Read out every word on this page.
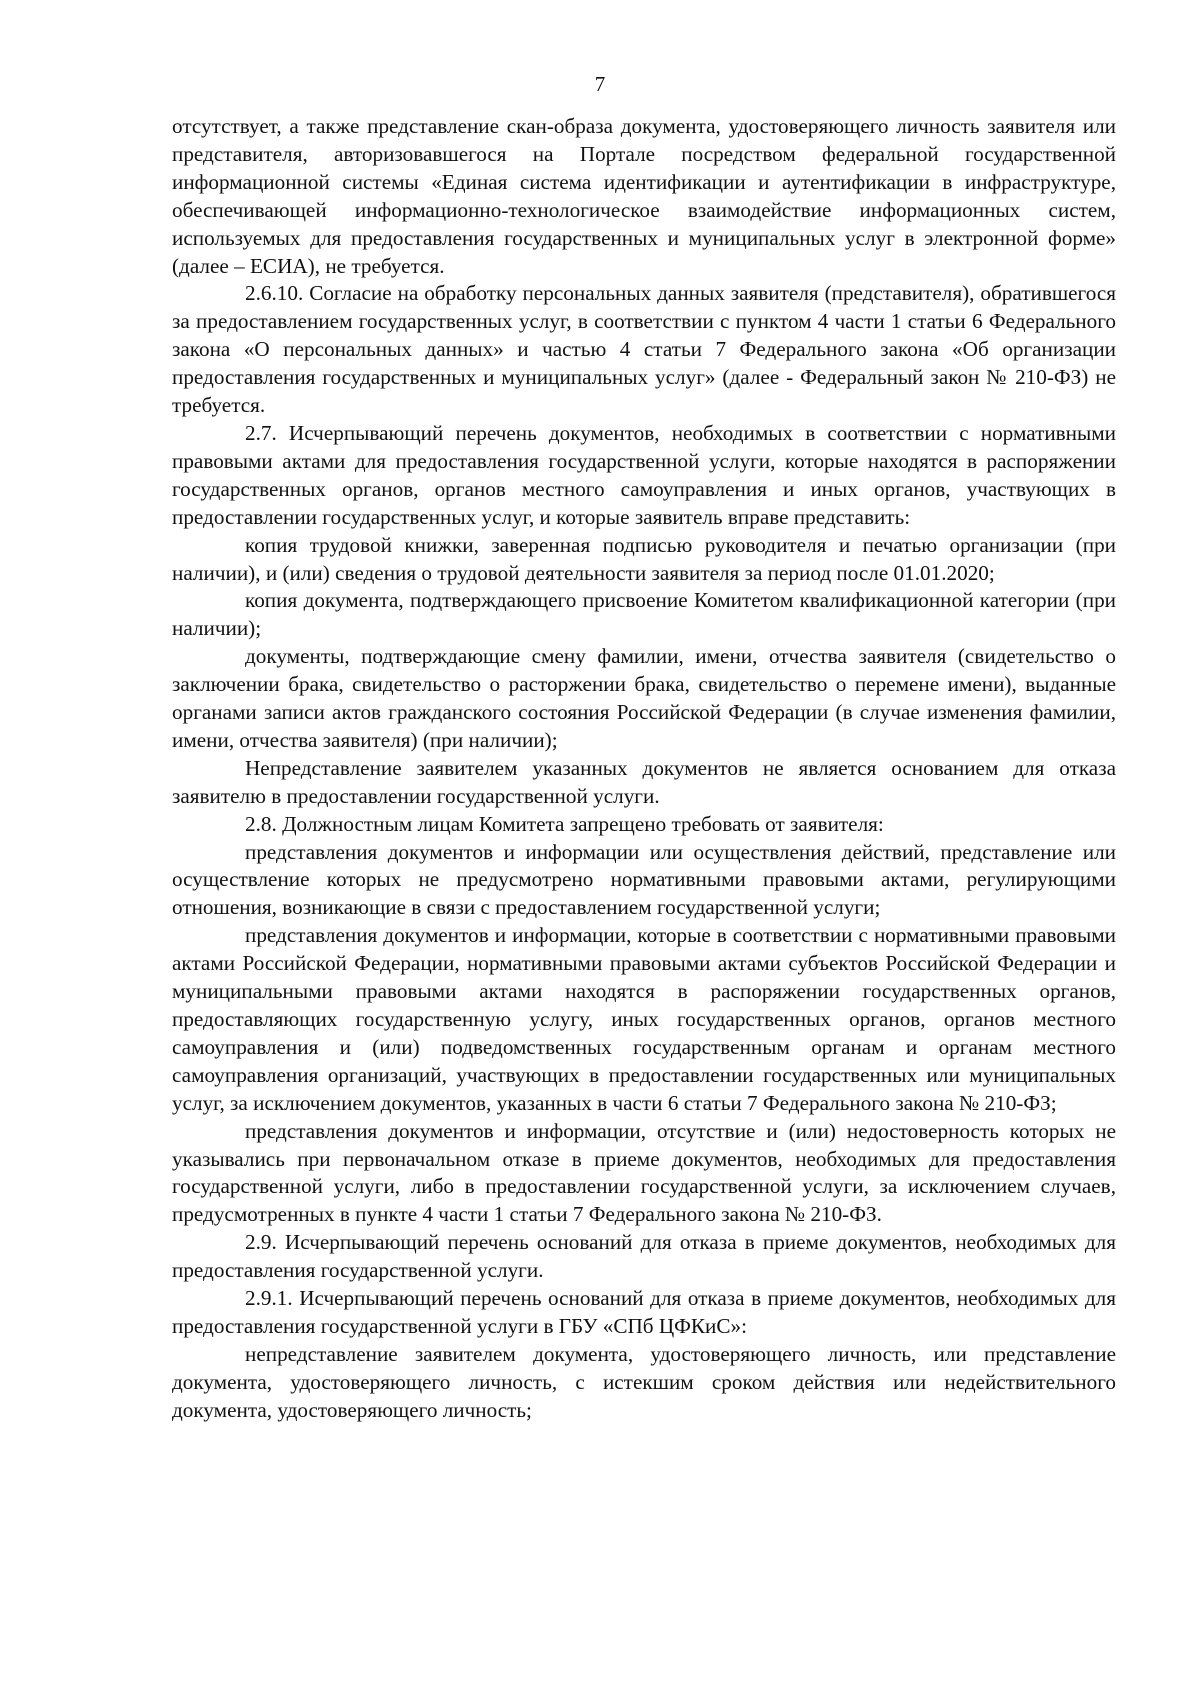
7

отсутствует, а также представление скан-образа документа, удостоверяющего личность заявителя или представителя, авторизовавшегося на Портале посредством федеральной государственной информационной системы «Единая система идентификации и аутентификации в инфраструктуре, обеспечивающей информационно-технологическое взаимодействие информационных систем, используемых для предоставления государственных и муниципальных услуг в электронной форме» (далее – ЕСИА), не требуется.

2.6.10. Согласие на обработку персональных данных заявителя (представителя), обратившегося за предоставлением государственных услуг, в соответствии с пунктом 4 части 1 статьи 6 Федерального закона «О персональных данных» и частью 4 статьи 7 Федерального закона «Об организации предоставления государственных и муниципальных услуг» (далее - Федеральный закон № 210-ФЗ) не требуется.

2.7. Исчерпывающий перечень документов, необходимых в соответствии с нормативными правовыми актами для предоставления государственной услуги, которые находятся в распоряжении государственных органов, органов местного самоуправления и иных органов, участвующих в предоставлении государственных услуг, и которые заявитель вправе представить:

копия трудовой книжки, заверенная подписью руководителя и печатью организации (при наличии), и (или) сведения о трудовой деятельности заявителя за период после 01.01.2020;

копия документа, подтверждающего присвоение Комитетом квалификационной категории (при наличии);

документы, подтверждающие смену фамилии, имени, отчества заявителя (свидетельство о заключении брака, свидетельство о расторжении брака, свидетельство о перемене имени), выданные органами записи актов гражданского состояния Российской Федерации (в случае изменения фамилии, имени, отчества заявителя) (при наличии);

Непредставление заявителем указанных документов не является основанием для отказа заявителю в предоставлении государственной услуги.

2.8. Должностным лицам Комитета запрещено требовать от заявителя:

представления документов и информации или осуществления действий, представление или осуществление которых не предусмотрено нормативными правовыми актами, регулирующими отношения, возникающие в связи с предоставлением государственной услуги;

представления документов и информации, которые в соответствии с нормативными правовыми актами Российской Федерации, нормативными правовыми актами субъектов Российской Федерации и муниципальными правовыми актами находятся в распоряжении государственных органов, предоставляющих государственную услугу, иных государственных органов, органов местного самоуправления и (или) подведомственных государственным органам и органам местного самоуправления организаций, участвующих в предоставлении государственных или муниципальных услуг, за исключением документов, указанных в части 6 статьи 7 Федерального закона № 210-ФЗ;

представления документов и информации, отсутствие и (или) недостоверность которых не указывались при первоначальном отказе в приеме документов, необходимых для предоставления государственной услуги, либо в предоставлении государственной услуги, за исключением случаев, предусмотренных в пункте 4 части 1 статьи 7 Федерального закона № 210-ФЗ.

2.9. Исчерпывающий перечень оснований для отказа в приеме документов, необходимых для предоставления государственной услуги.

2.9.1. Исчерпывающий перечень оснований для отказа в приеме документов, необходимых для предоставления государственной услуги в ГБУ «СПб ЦФКиС»:

непредставление заявителем документа, удостоверяющего личность, или представление документа, удостоверяющего личность, с истекшим сроком действия или недействительного документа, удостоверяющего личность;
